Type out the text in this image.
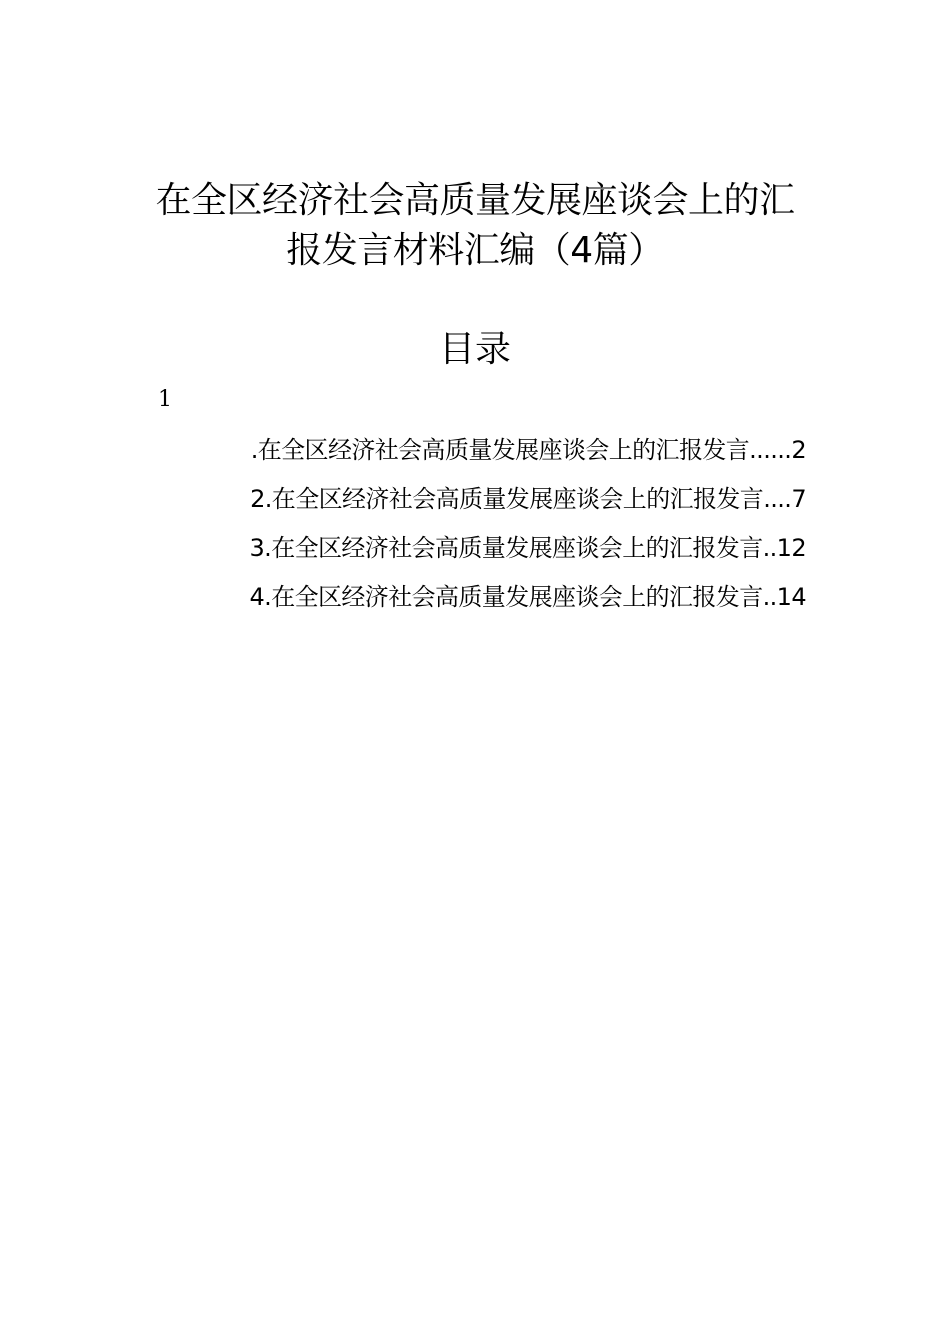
在全区经济社会高质量发展座谈会上的汇
报发言材料汇编（4篇）
目录
1
.在全区经济社会高质量发展座谈会上的汇报发言......2
2.在全区经济社会高质量发展座谈会上的汇报发言....7
3.在全区经济社会高质量发展座谈会上的汇报发言..12
4.在全区经济社会高质量发展座谈会上的汇报发言..14
